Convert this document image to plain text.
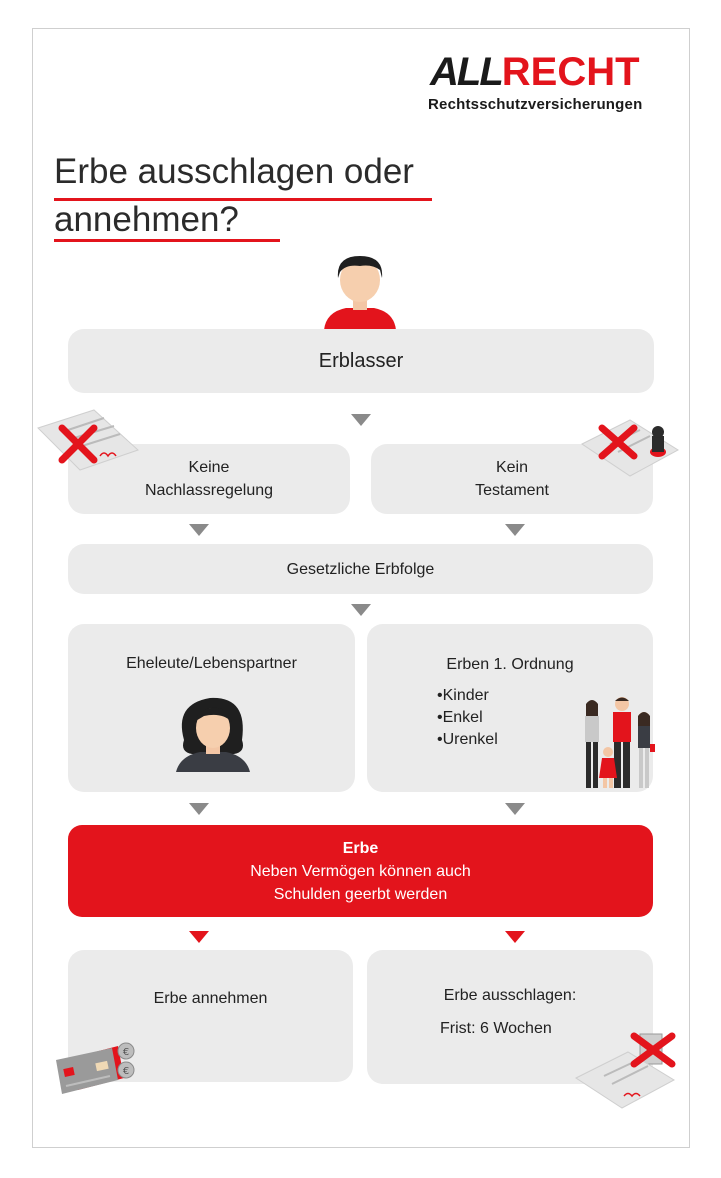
ALLRECHT
Rechtsschutzversicherungen
Erbe ausschlagen oder
annehmen?
Erblasser
Keine
Nachlassregelung
Kein
Testament
Gesetzliche Erbfolge
Eheleute/Lebenspartner	Erben 1. Ordnung
• Kinder
• Enkel
• Urenkel
Erbe
Neben Vermögen können auch
Schulden geerbt werden
Erbe annehmen
€
€
Erbe ausschlagen:
Frist: 6 Wochen
